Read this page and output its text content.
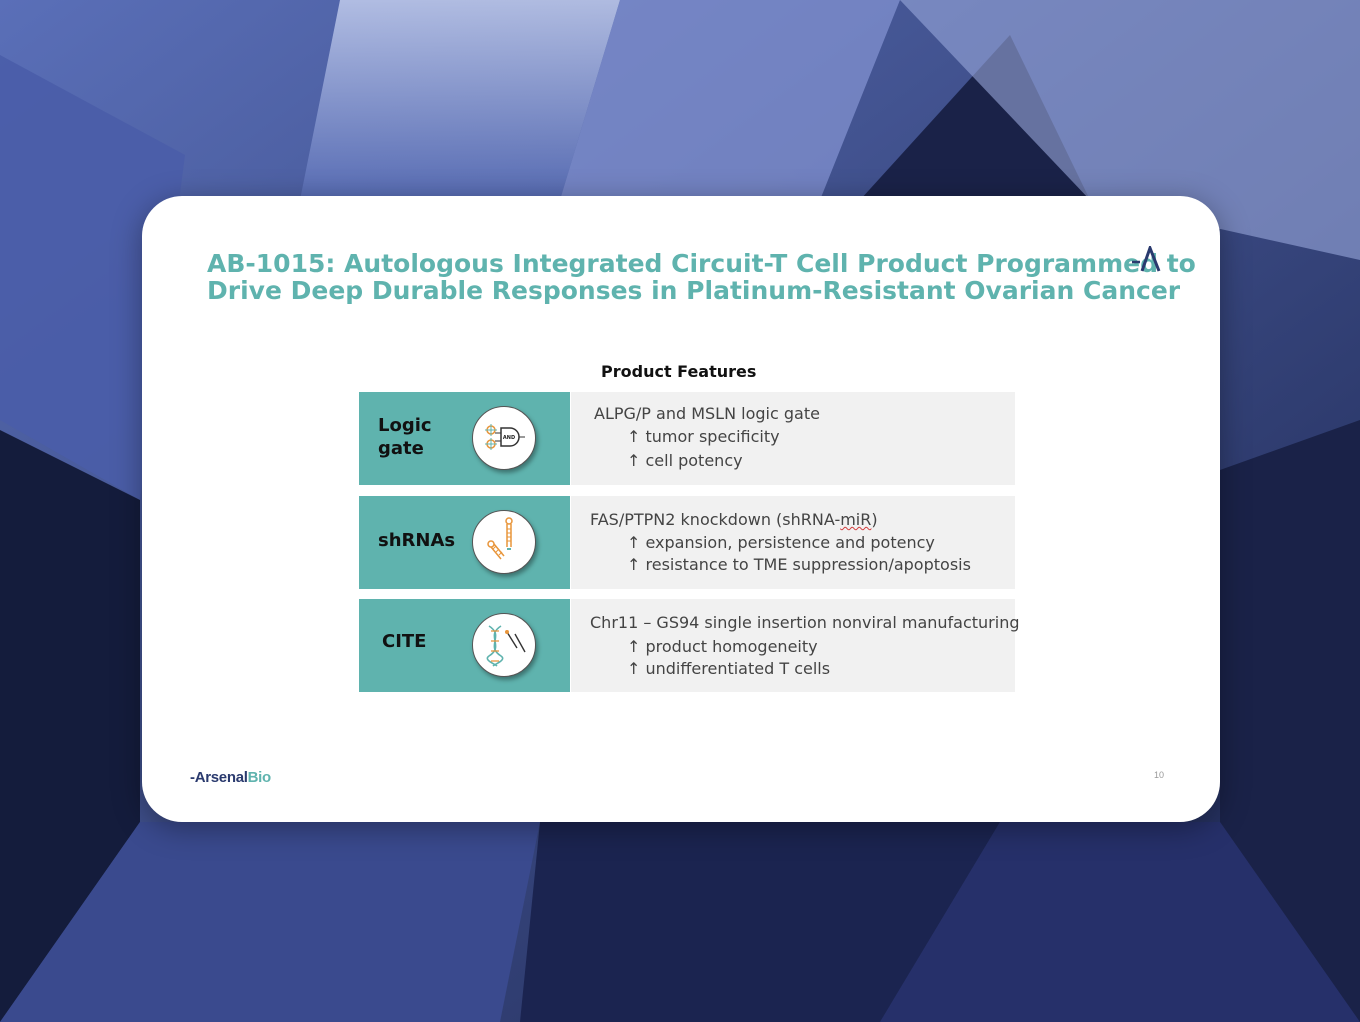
AB-1015: Autologous Integrated Circuit-T Cell Product Programmed to
Drive Deep Durable Responses in Platinum-Resistant Ovarian Cancer
Product Features
Logic
gate	AND
ALPG/P and MSLN logic gate
↑ tumor specificity
↑ cell potency
shRNAs
FAS/PTPN2 knockdown (shRNA-miR)
↑ expansion, persistence and potency
↑ resistance to TME suppression/apoptosis
CITE
Chr11 – GS94 single insertion nonviral manufacturing
↑ product homogeneity
↑ undifferentiated T cells
-ArsenalBio	10
